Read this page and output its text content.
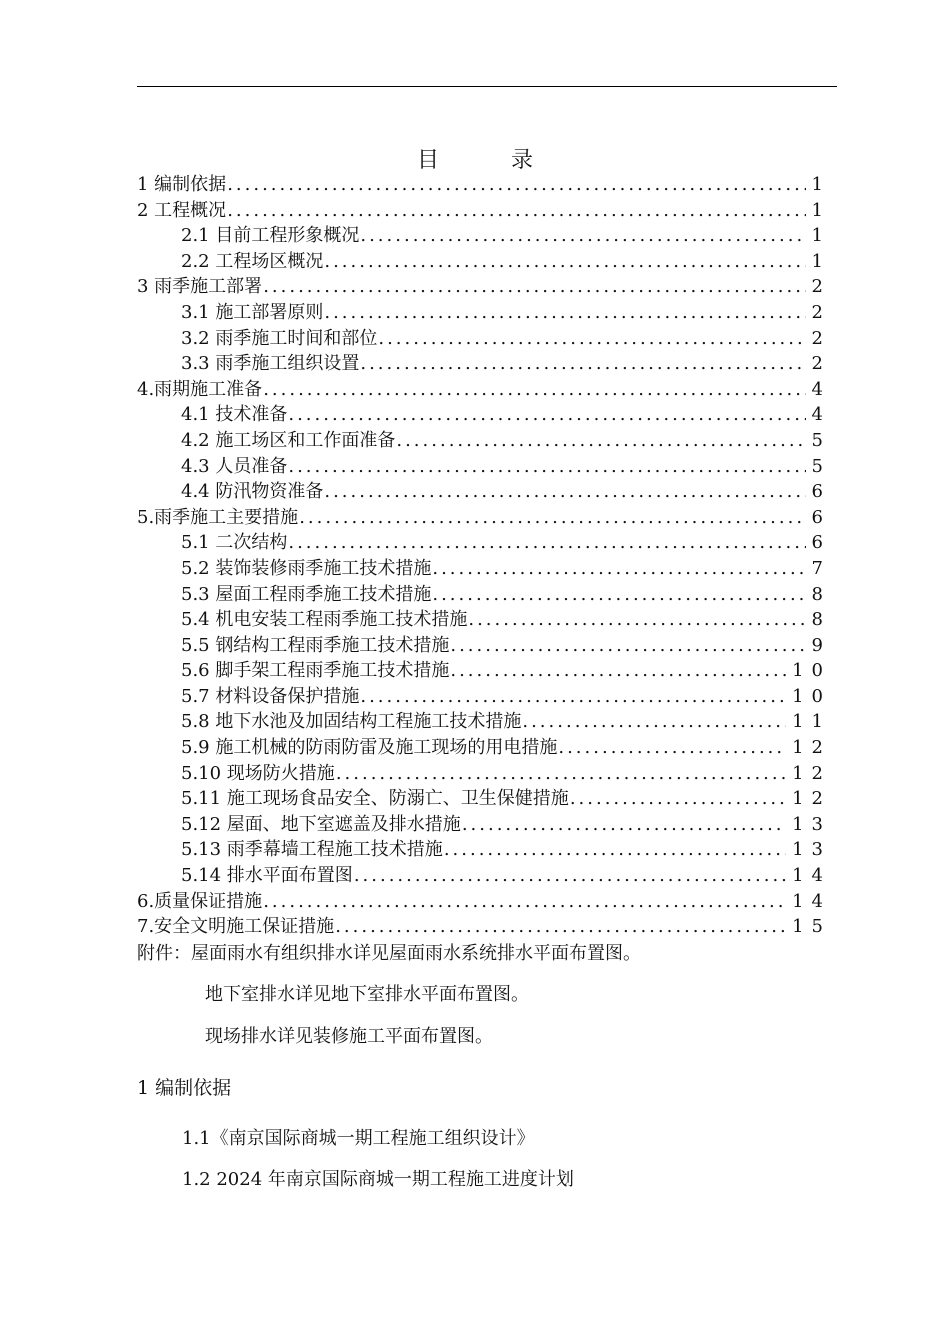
目	录
1 编制依据 .....	1
2 工程概况 .....	1
2.1 目前工程形象概况 .....	1
2.2 工程场区概况 .....	1
3 雨季施工部署 .....	2
3.1 施工部署原则 .....	2
3.2 雨季施工时间和部位 .....	2
3.3 雨季施工组织设置 .....	2
4.雨期施工准备 .....	4
4.1 技术准备 .....	4
4.2 施工场区和工作面准备 .....	5
4.3 人员准备 .....	5
4.4 防汛物资准备 .....	6
5.雨季施工主要措施 .....	6
5.1 二次结构 .....	6
5.2 装饰装修雨季施工技术措施 .....	7
5.3 屋面工程雨季施工技术措施 .....	8
5.4 机电安装工程雨季施工技术措施 .....	8
5.5 钢结构工程雨季施工技术措施 .....	9
5.6 脚手架工程雨季施工技术措施 .....	10
5.7 材料设备保护措施 .....	10
5.8 地下水池及加固结构工程施工技术措施 .....	11
5.9 施工机械的防雨防雷及施工现场的用电措施 .....	12
5.10 现场防火措施 .....	12
5.11 施工现场食品安全、防溺亡、卫生保健措施 .....	12
5.12 屋面、地下室遮盖及排水措施 .....	13
5.13 雨季幕墙工程施工技术措施 .....	13
5.14 排水平面布置图 .....	14
6.质量保证措施 .....	14
7.安全文明施工保证措施 .....	15
附件：屋面雨水有组织排水详见屋面雨水系统排水平面布置图。
地下室排水详见地下室排水平面布置图。
现场排水详见装修施工平面布置图。
1 编制依据
1.1《南京国际商城一期工程施工组织设计》
1.2 2024 年南京国际商城一期工程施工进度计划
